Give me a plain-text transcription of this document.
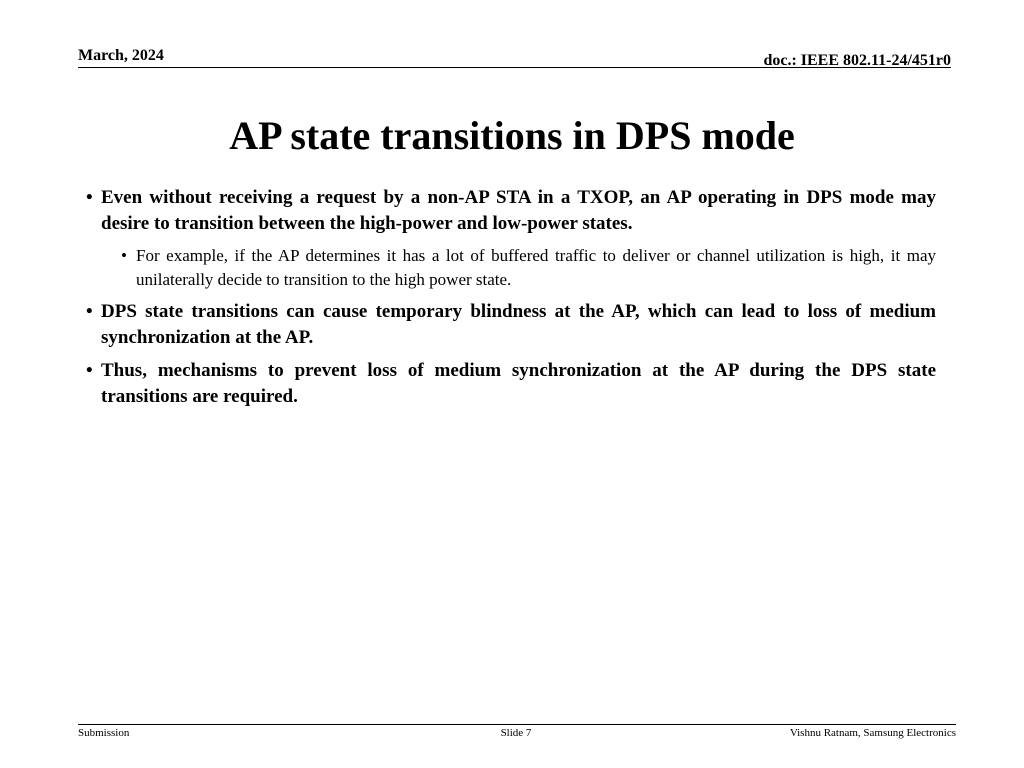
March, 2024	doc.: IEEE 802.11-24/451r0
AP state transitions in DPS mode
• Even without receiving a request by a non-AP STA in a TXOP, an AP operating in DPS mode may desire to transition between the high-power and low-power states.
• For example, if the AP determines it has a lot of buffered traffic to deliver or channel utilization is high, it may unilaterally decide to transition to the high power state.
• DPS state transitions can cause temporary blindness at the AP, which can lead to loss of medium synchronization at the AP.
• Thus, mechanisms to prevent loss of medium synchronization at the AP during the DPS state transitions are required.
Submission	Slide 7	Vishnu Ratnam, Samsung Electronics
